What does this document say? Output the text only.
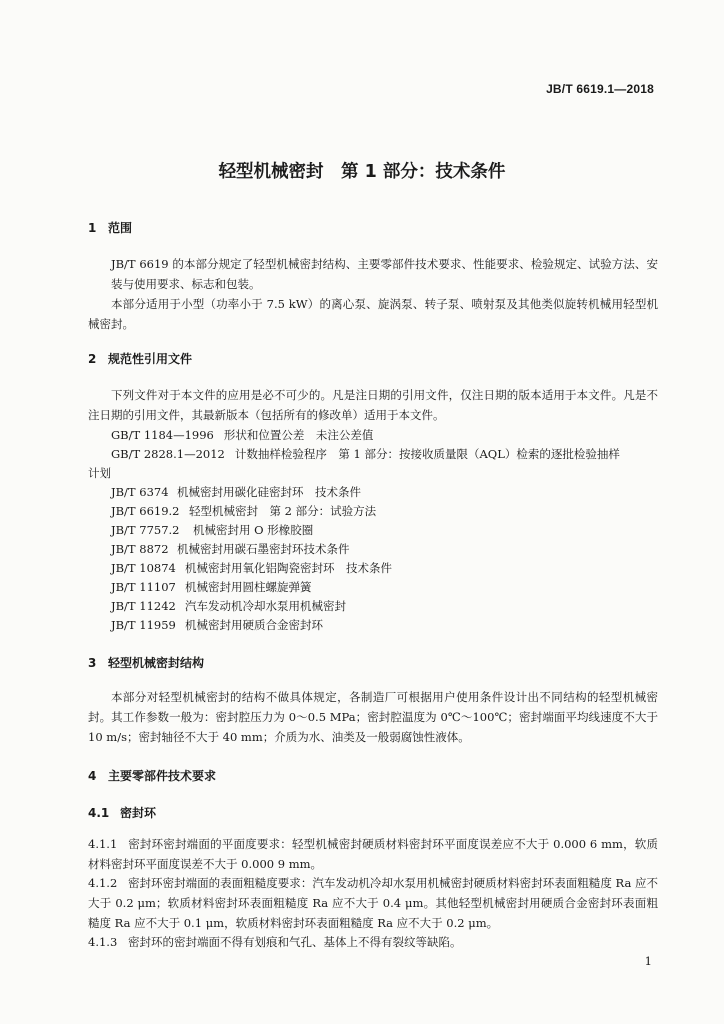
JB/T 6619.1—2018
轻型机械密封　第 1 部分：技术条件
1 范围
JB/T 6619 的本部分规定了轻型机械密封结构、主要零部件技术要求、性能要求、检验规定、试验方法、安装与使用要求、标志和包装。
本部分适用于小型（功率小于 7.5 kW）的离心泵、旋涡泵、转子泵、喷射泵及其他类似旋转机械用轻型机械密封。
2 规范性引用文件
下列文件对于本文件的应用是必不可少的。凡是注日期的引用文件，仅注日期的版本适用于本文件。凡是不注日期的引用文件，其最新版本（包括所有的修改单）适用于本文件。
GB/T 1184—1996 形状和位置公差　未注公差值
GB/T 2828.1—2012 计数抽样检验程序　第 1 部分：按接收质量限（AQL）检索的逐批检验抽样
计划
JB/T 6374 机械密封用碳化硅密封环　技术条件
JB/T 6619.2 轻型机械密封　第 2 部分：试验方法
JB/T 7757.2 机械密封用 O 形橡胶圈
JB/T 8872 机械密封用碳石墨密封环技术条件
JB/T 10874 机械密封用氧化铝陶瓷密封环　技术条件
JB/T 11107 机械密封用圆柱螺旋弹簧
JB/T 11242 汽车发动机冷却水泵用机械密封
JB/T 11959 机械密封用硬质合金密封环
3 轻型机械密封结构
本部分对轻型机械密封的结构不做具体规定，各制造厂可根据用户使用条件设计出不同结构的轻型机械密封。其工作参数一般为：密封腔压力为 0～0.5 MPa；密封腔温度为 0℃～100℃；密封端面平均线速度不大于 10 m/s；密封轴径不大于 40 mm；介质为水、油类及一般弱腐蚀性液体。
4 主要零部件技术要求
4.1 密封环
4.1.1 密封环密封端面的平面度要求：轻型机械密封硬质材料密封环平面度误差应不大于 0.000 6 mm，软质材料密封环平面度误差不大于 0.000 9 mm。
4.1.2 密封环密封端面的表面粗糙度要求：汽车发动机冷却水泵用机械密封硬质材料密封环表面粗糙度 Ra 应不大于 0.2 μm；软质材料密封环表面粗糙度 Ra 应不大于 0.4 μm。其他轻型机械密封用硬质合金密封环表面粗糙度 Ra 应不大于 0.1 μm，软质材料密封环表面粗糙度 Ra 应不大于 0.2 μm。
4.1.3 密封环的密封端面不得有划痕和气孔、基体上不得有裂纹等缺陷。
1
